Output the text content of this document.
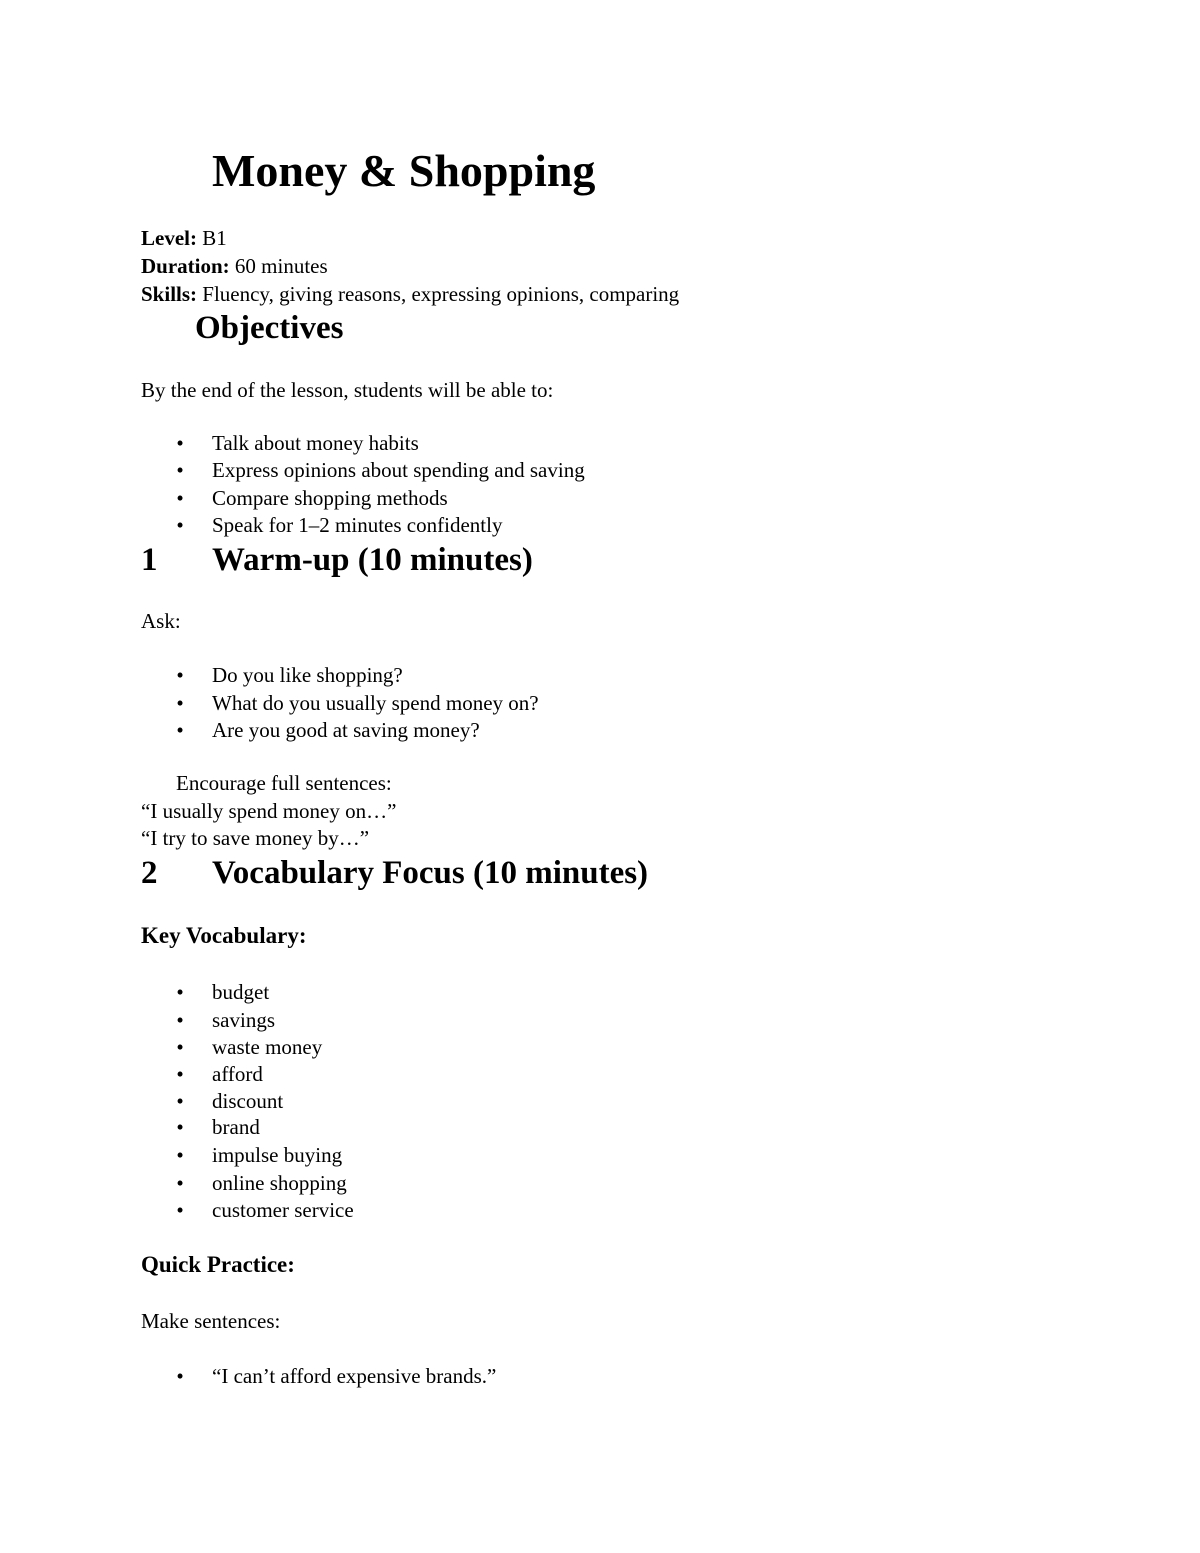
Money & Shopping
Level: B1
Duration: 60 minutes
Skills: Fluency, giving reasons, expressing opinions, comparing
Objectives
By the end of the lesson, students will be able to:
• Talk about money habits
• Express opinions about spending and saving
• Compare shopping methods
• Speak for 1–2 minutes confidently
1 Warm-up (10 minutes)
Ask:
• Do you like shopping?
• What do you usually spend money on?
• Are you good at saving money?
Encourage full sentences:
“I usually spend money on…”
“I try to save money by…”
2 Vocabulary Focus (10 minutes)
Key Vocabulary:
• budget
• savings
• waste money
• afford
• discount
• brand
• impulse buying
• online shopping
• customer service
Quick Practice:
Make sentences:
• “I can’t afford expensive brands.”
